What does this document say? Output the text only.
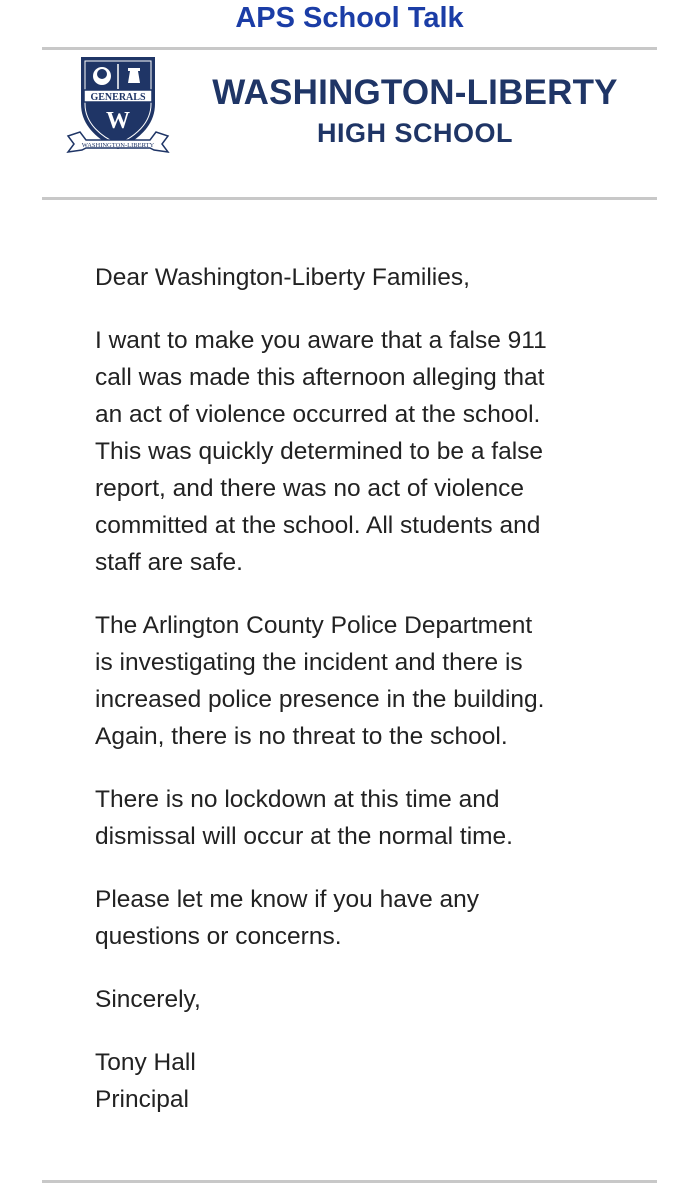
APS School Talk
GENERALS
W
WASHINGTON-LIBERTY
WASHINGTON-LIBERTY
HIGH SCHOOL

Dear Washington-Liberty Families,

I want to make you aware that a false 911
call was made this afternoon alleging that
an act of violence occurred at the school.
This was quickly determined to be a false
report, and there was no act of violence
committed at the school. All students and
staff are safe.

The Arlington County Police Department
is investigating the incident and there is
increased police presence in the building.
Again, there is no threat to the school.

There is no lockdown at this time and
dismissal will occur at the normal time.

Please let me know if you have any
questions or concerns.

Sincerely,

Tony Hall
Principal
